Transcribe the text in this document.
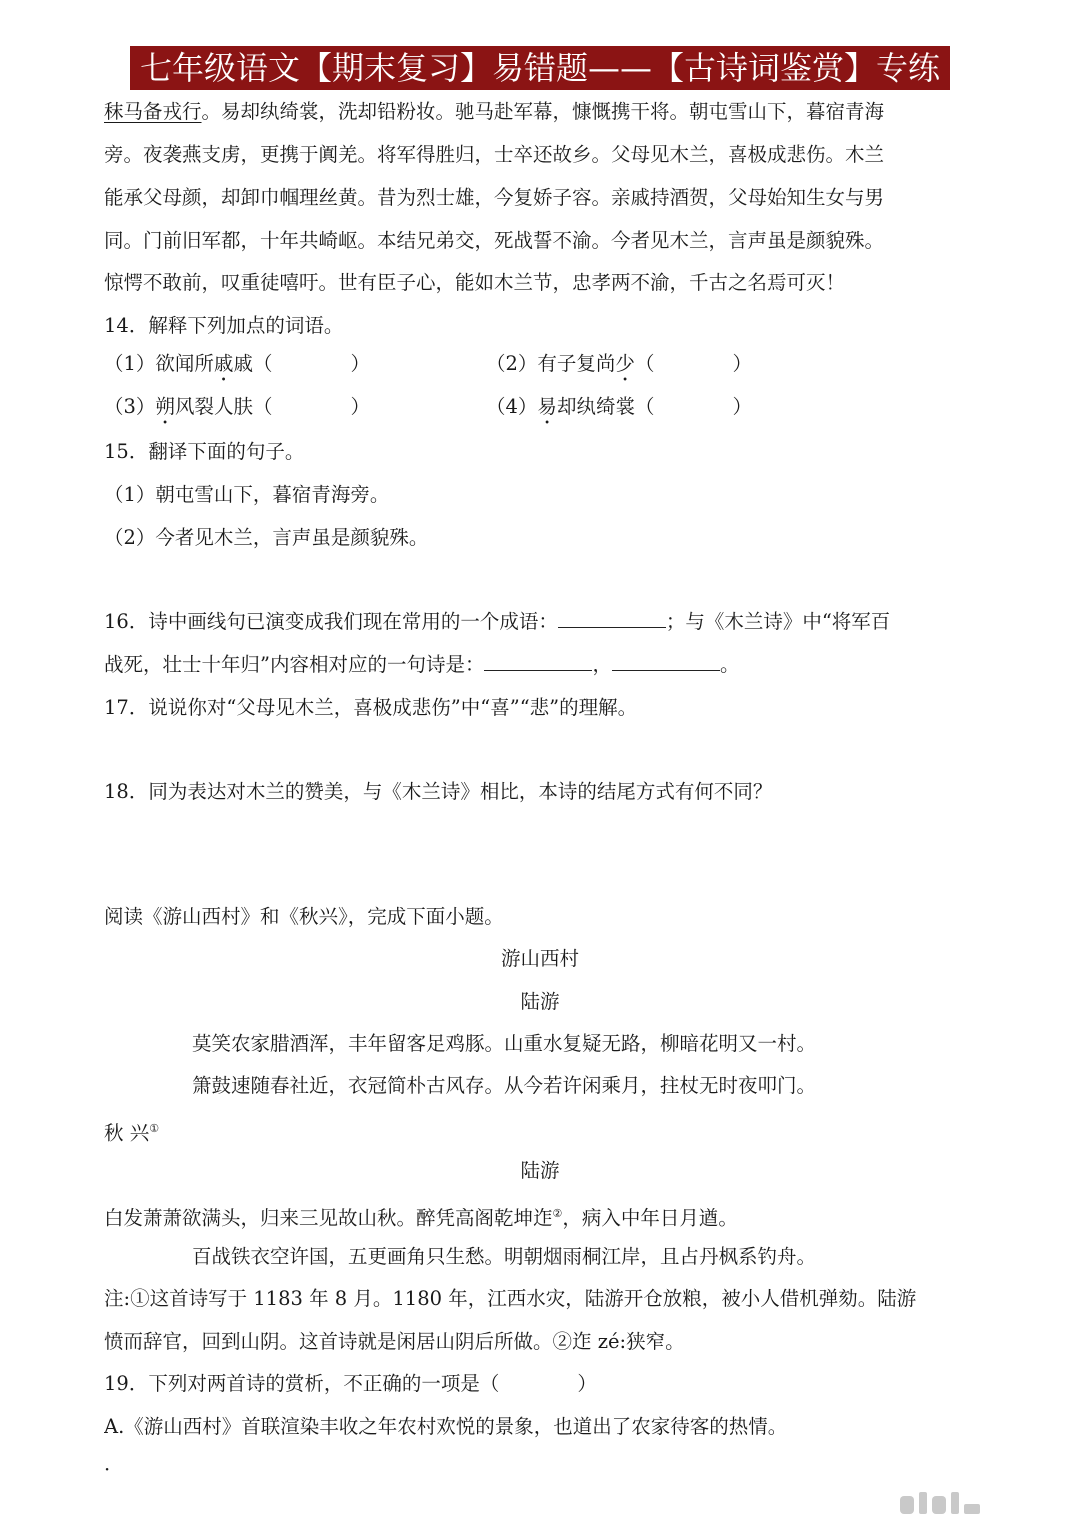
七年级语文【期末复习】易错题——【古诗词鉴赏】专练
秣马备戎行。易却纨绮裳，洗却铅粉妆。驰马赴军幕，慷慨携干将。朝屯雪山下，暮宿青海
旁。夜袭燕支虏，更携于阗羌。将军得胜归，士卒还故乡。父母见木兰，喜极成悲伤。木兰
能承父母颜，却卸巾帼理丝黄。昔为烈士雄，今复娇子容。亲戚持酒贺，父母始知生女与男
同。门前旧军都，十年共崎岖。本结兄弟交，死战誓不渝。今者见木兰，言声虽是颜貌殊。
惊愕不敢前，叹重徒嘻吁。世有臣子心，能如木兰节，忠孝两不渝，千古之名焉可灭！
14．解释下列加点的词语。
（1）欲闻所戚戚（　　　　）	（2）有子复尚少（　　　　）
（3）朔风裂人肤（　　　　）	（4）易却纨绮裳（　　　　）
15．翻译下面的句子。
（1）朝屯雪山下，暮宿青海旁。
（2）今者见木兰，言声虽是颜貌殊。
16．诗中画线句已演变成我们现在常用的一个成语：	；与《木兰诗》中“将军百
战死，壮士十年归”内容相对应的一句诗是：	，	。
17．说说你对“父母见木兰，喜极成悲伤”中“喜”“悲”的理解。
18．同为表达对木兰的赞美，与《木兰诗》相比，本诗的结尾方式有何不同？
阅读《游山西村》和《秋兴》，完成下面小题。
游山西村
陆游
莫笑农家腊酒浑，丰年留客足鸡豚。山重水复疑无路，柳暗花明又一村。
箫鼓速随春社近，衣冠简朴古风存。从今若许闲乘月，拄杖无时夜叩门。
秋 兴①
陆游
白发萧萧欲满头，归来三见故山秋。醉凭高阁乾坤迮②，病入中年日月遒。
百战铁衣空许国，五更画角只生愁。明朝烟雨桐江岸，且占丹枫系钓舟。
注:①这首诗写于 1183 年 8 月。1180 年，江西水灾，陆游开仓放粮，被小人借机弹劾。陆游
愤而辞官，回到山阴。这首诗就是闲居山阴后所做。②迮 zé:狭窄。
19．下列对两首诗的赏析，不正确的一项是（　　　　）
A.《游山西村》首联渲染丰收之年农村欢悦的景象，也道出了农家待客的热情。
·
